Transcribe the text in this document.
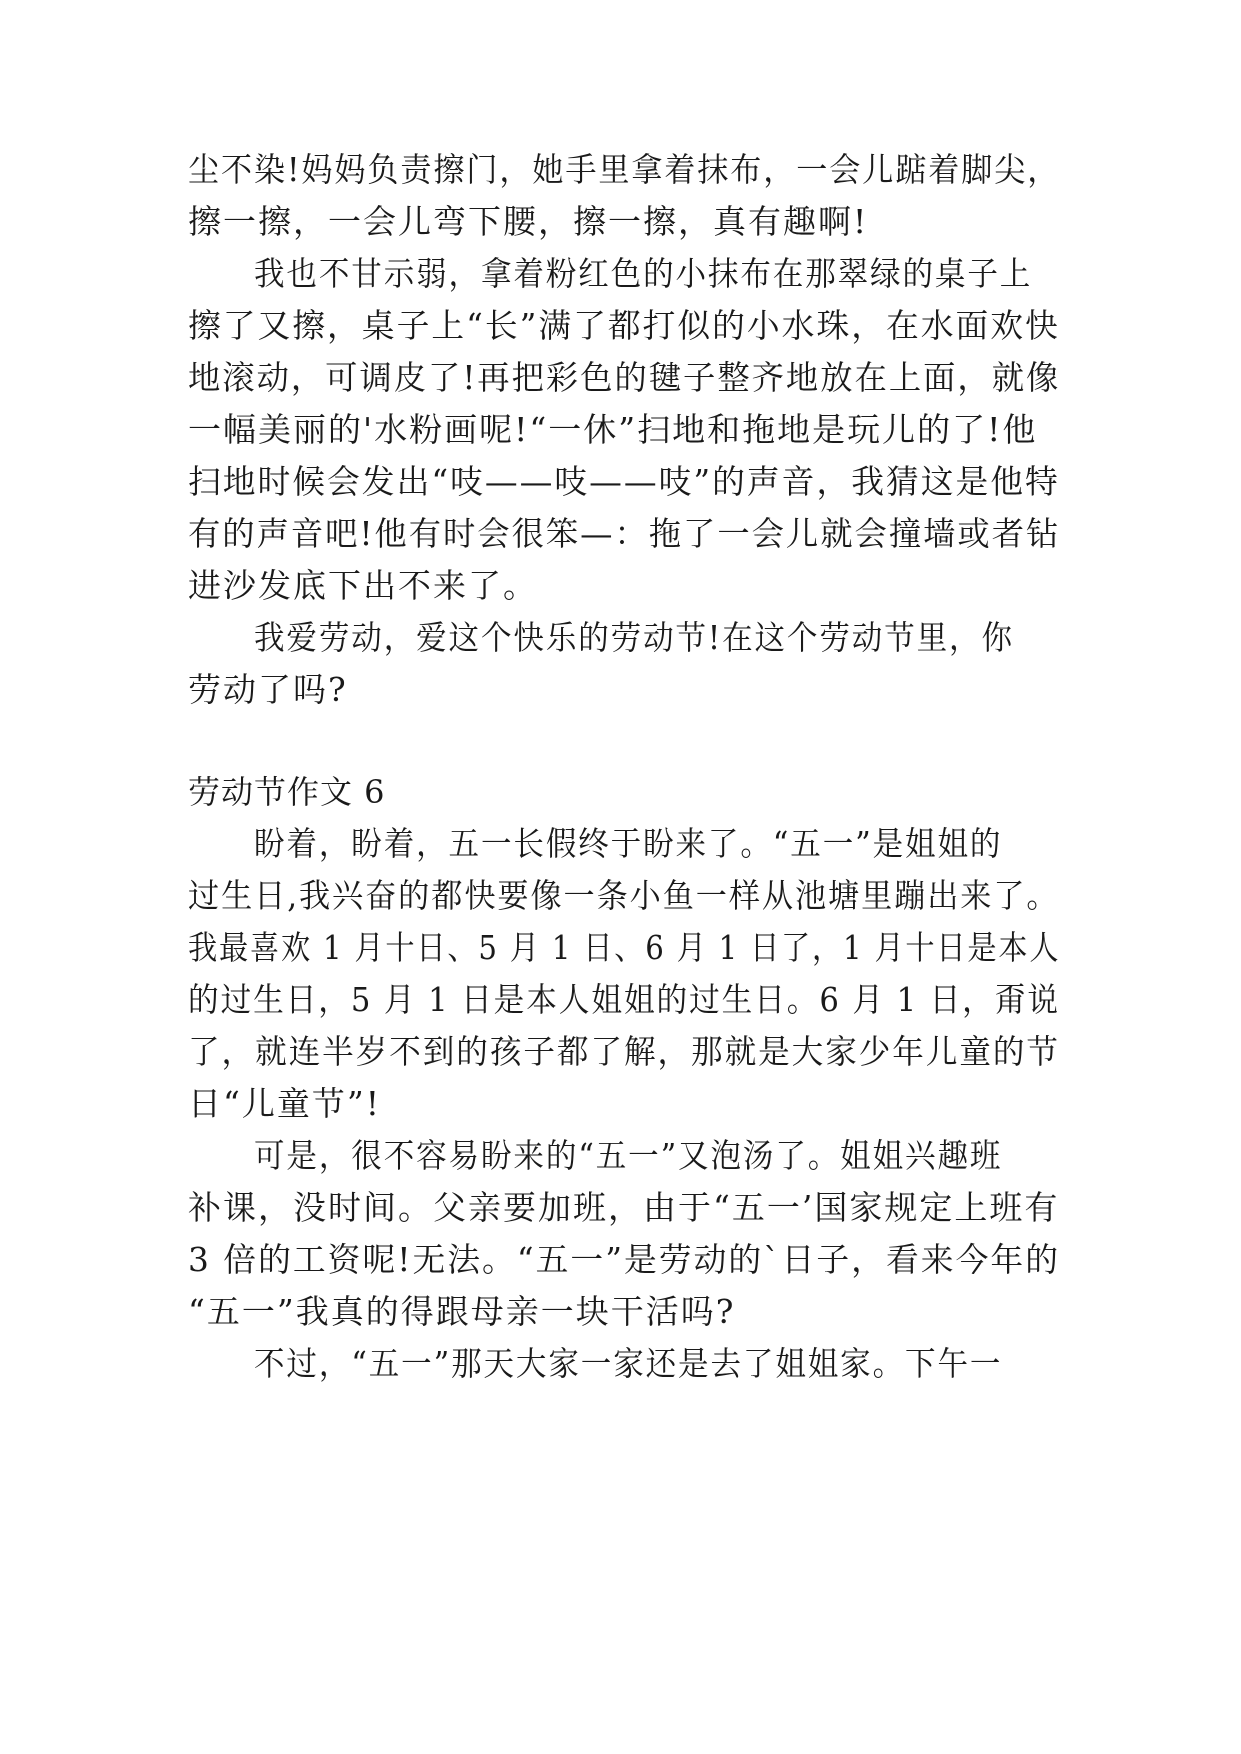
尘不染!妈妈负责擦门，她手里拿着抹布，一会儿踮着脚尖，
擦一擦，一会儿弯下腰，擦一擦，真有趣啊!
我也不甘示弱，拿着粉红色的小抹布在那翠绿的桌子上
擦了又擦，桌子上“长”满了都打似的小水珠，在水面欢快
地滚动，可调皮了!再把彩色的毽子整齐地放在上面，就像
一幅美丽的'水粉画呢!“一休”扫地和拖地是玩儿的了!他
扫地时候会发出“吱——吱——吱”的声音，我猜这是他特
有的声音吧!他有时会很笨—：拖了一会儿就会撞墙或者钻
进沙发底下出不来了。
我爱劳动，爱这个快乐的劳动节!在这个劳动节里，你
劳动了吗?
劳动节作文 6
盼着，盼着，五一长假终于盼来了。“五一”是姐姐的
过生日,我兴奋的都快要像一条小鱼一样从池塘里蹦出来了。
我最喜欢 1 月十日、5 月 1 日、6 月 1 日了，1 月十日是本人
的过生日，5 月 1 日是本人姐姐的过生日。6 月 1 日，甭说
了，就连半岁不到的孩子都了解，那就是大家少年儿童的节
日“儿童节”!
可是，很不容易盼来的“五一”又泡汤了。姐姐兴趣班
补课，没时间。父亲要加班，由于“五一’国家规定上班有
3 倍的工资呢!无法。“五一”是劳动的`日子，看来今年的
“五一”我真的得跟母亲一块干活吗?
不过，“五一”那天大家一家还是去了姐姐家。下午一
